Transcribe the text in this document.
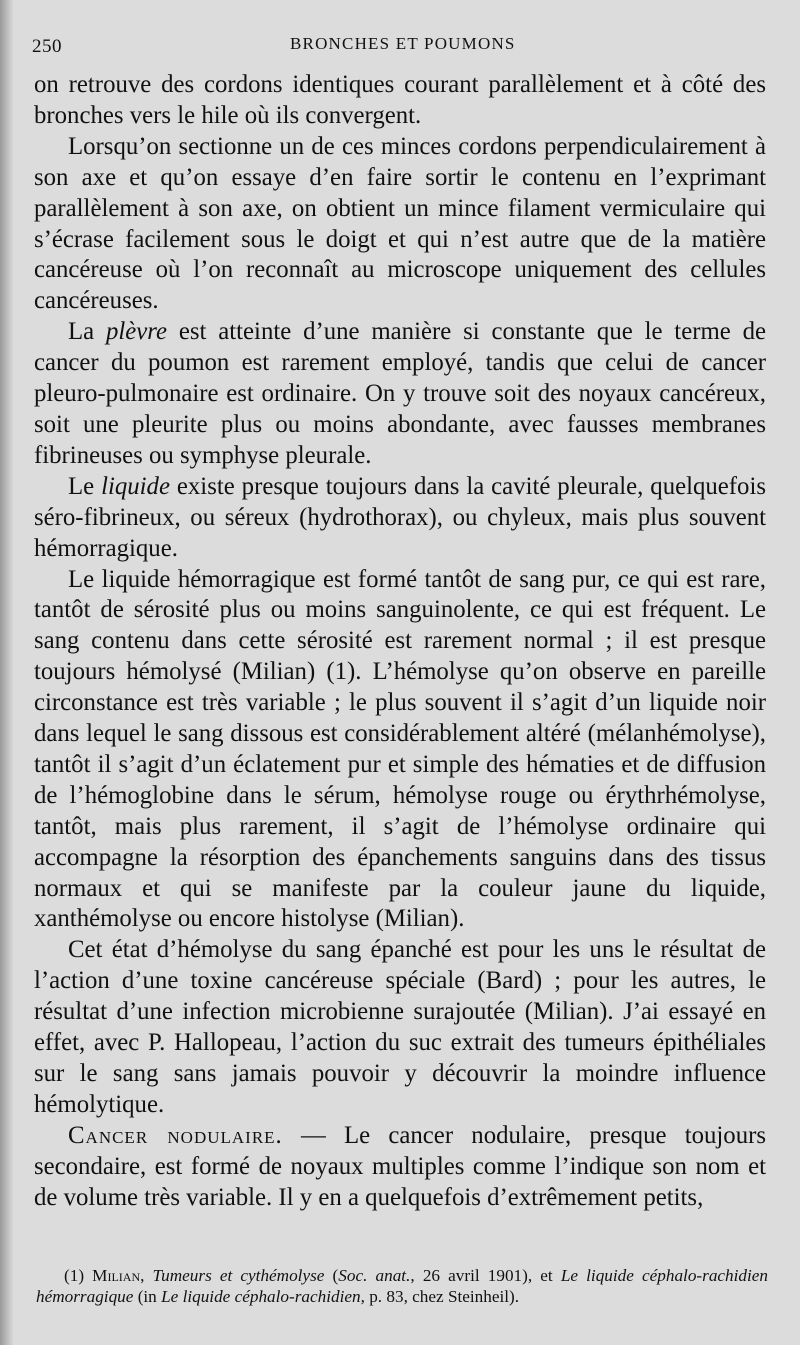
250	BRONCHES ET POUMONS

on retrouve des cordons identiques courant parallèlement et à côté des bronches vers le hile où ils convergent.

Lorsqu’on sectionne un de ces minces cordons perpendiculairement à son axe et qu’on essaye d’en faire sortir le contenu en l’exprimant parallèlement à son axe, on obtient un mince filament vermiculaire qui s’écrase facilement sous le doigt et qui n’est autre que de la matière cancéreuse où l’on reconnaît au microscope uniquement des cellules cancéreuses.

La plèvre est atteinte d’une manière si constante que le terme de cancer du poumon est rarement employé, tandis que celui de cancer pleuro-pulmonaire est ordinaire. On y trouve soit des noyaux cancéreux, soit une pleurite plus ou moins abondante, avec fausses membranes fibrineuses ou symphyse pleurale.

Le liquide existe presque toujours dans la cavité pleurale, quelquefois séro-fibrineux, ou séreux (hydrothorax), ou chyleux, mais plus souvent hémorragique.

Le liquide hémorragique est formé tantôt de sang pur, ce qui est rare, tantôt de sérosité plus ou moins sanguinolente, ce qui est fréquent. Le sang contenu dans cette sérosité est rarement normal ; il est presque toujours hémolysé (Milian) (1). L’hémolyse qu’on observe en pareille circonstance est très variable ; le plus souvent il s’agit d’un liquide noir dans lequel le sang dissous est considérablement altéré (mélanhémolyse), tantôt il s’agit d’un éclatement pur et simple des hématies et de diffusion de l’hémoglobine dans le sérum, hémolyse rouge ou érythrhémolyse, tantôt, mais plus rarement, il s’agit de l’hémolyse ordinaire qui accompagne la résorption des épanchements sanguins dans des tissus normaux et qui se manifeste par la couleur jaune du liquide, xanthémolyse ou encore histolyse (Milian).

Cet état d’hémolyse du sang épanché est pour les uns le résultat de l’action d’une toxine cancéreuse spéciale (Bard) ; pour les autres, le résultat d’une infection microbienne surajoutée (Milian). J’ai essayé en effet, avec P. Hallopeau, l’action du suc extrait des tumeurs épithéliales sur le sang sans jamais pouvoir y découvrir la moindre influence hémolytique.

Cancer nodulaire. — Le cancer nodulaire, presque toujours secondaire, est formé de noyaux multiples comme l’indique son nom et de volume très variable. Il y en a quelquefois d’extrêmement petits,

(1) Milian, Tumeurs et cythémolyse (Soc. anat., 26 avril 1901), et Le liquide céphalo-rachidien hémorragique (in Le liquide céphalo-rachidien, p. 83, chez Steinheil).
